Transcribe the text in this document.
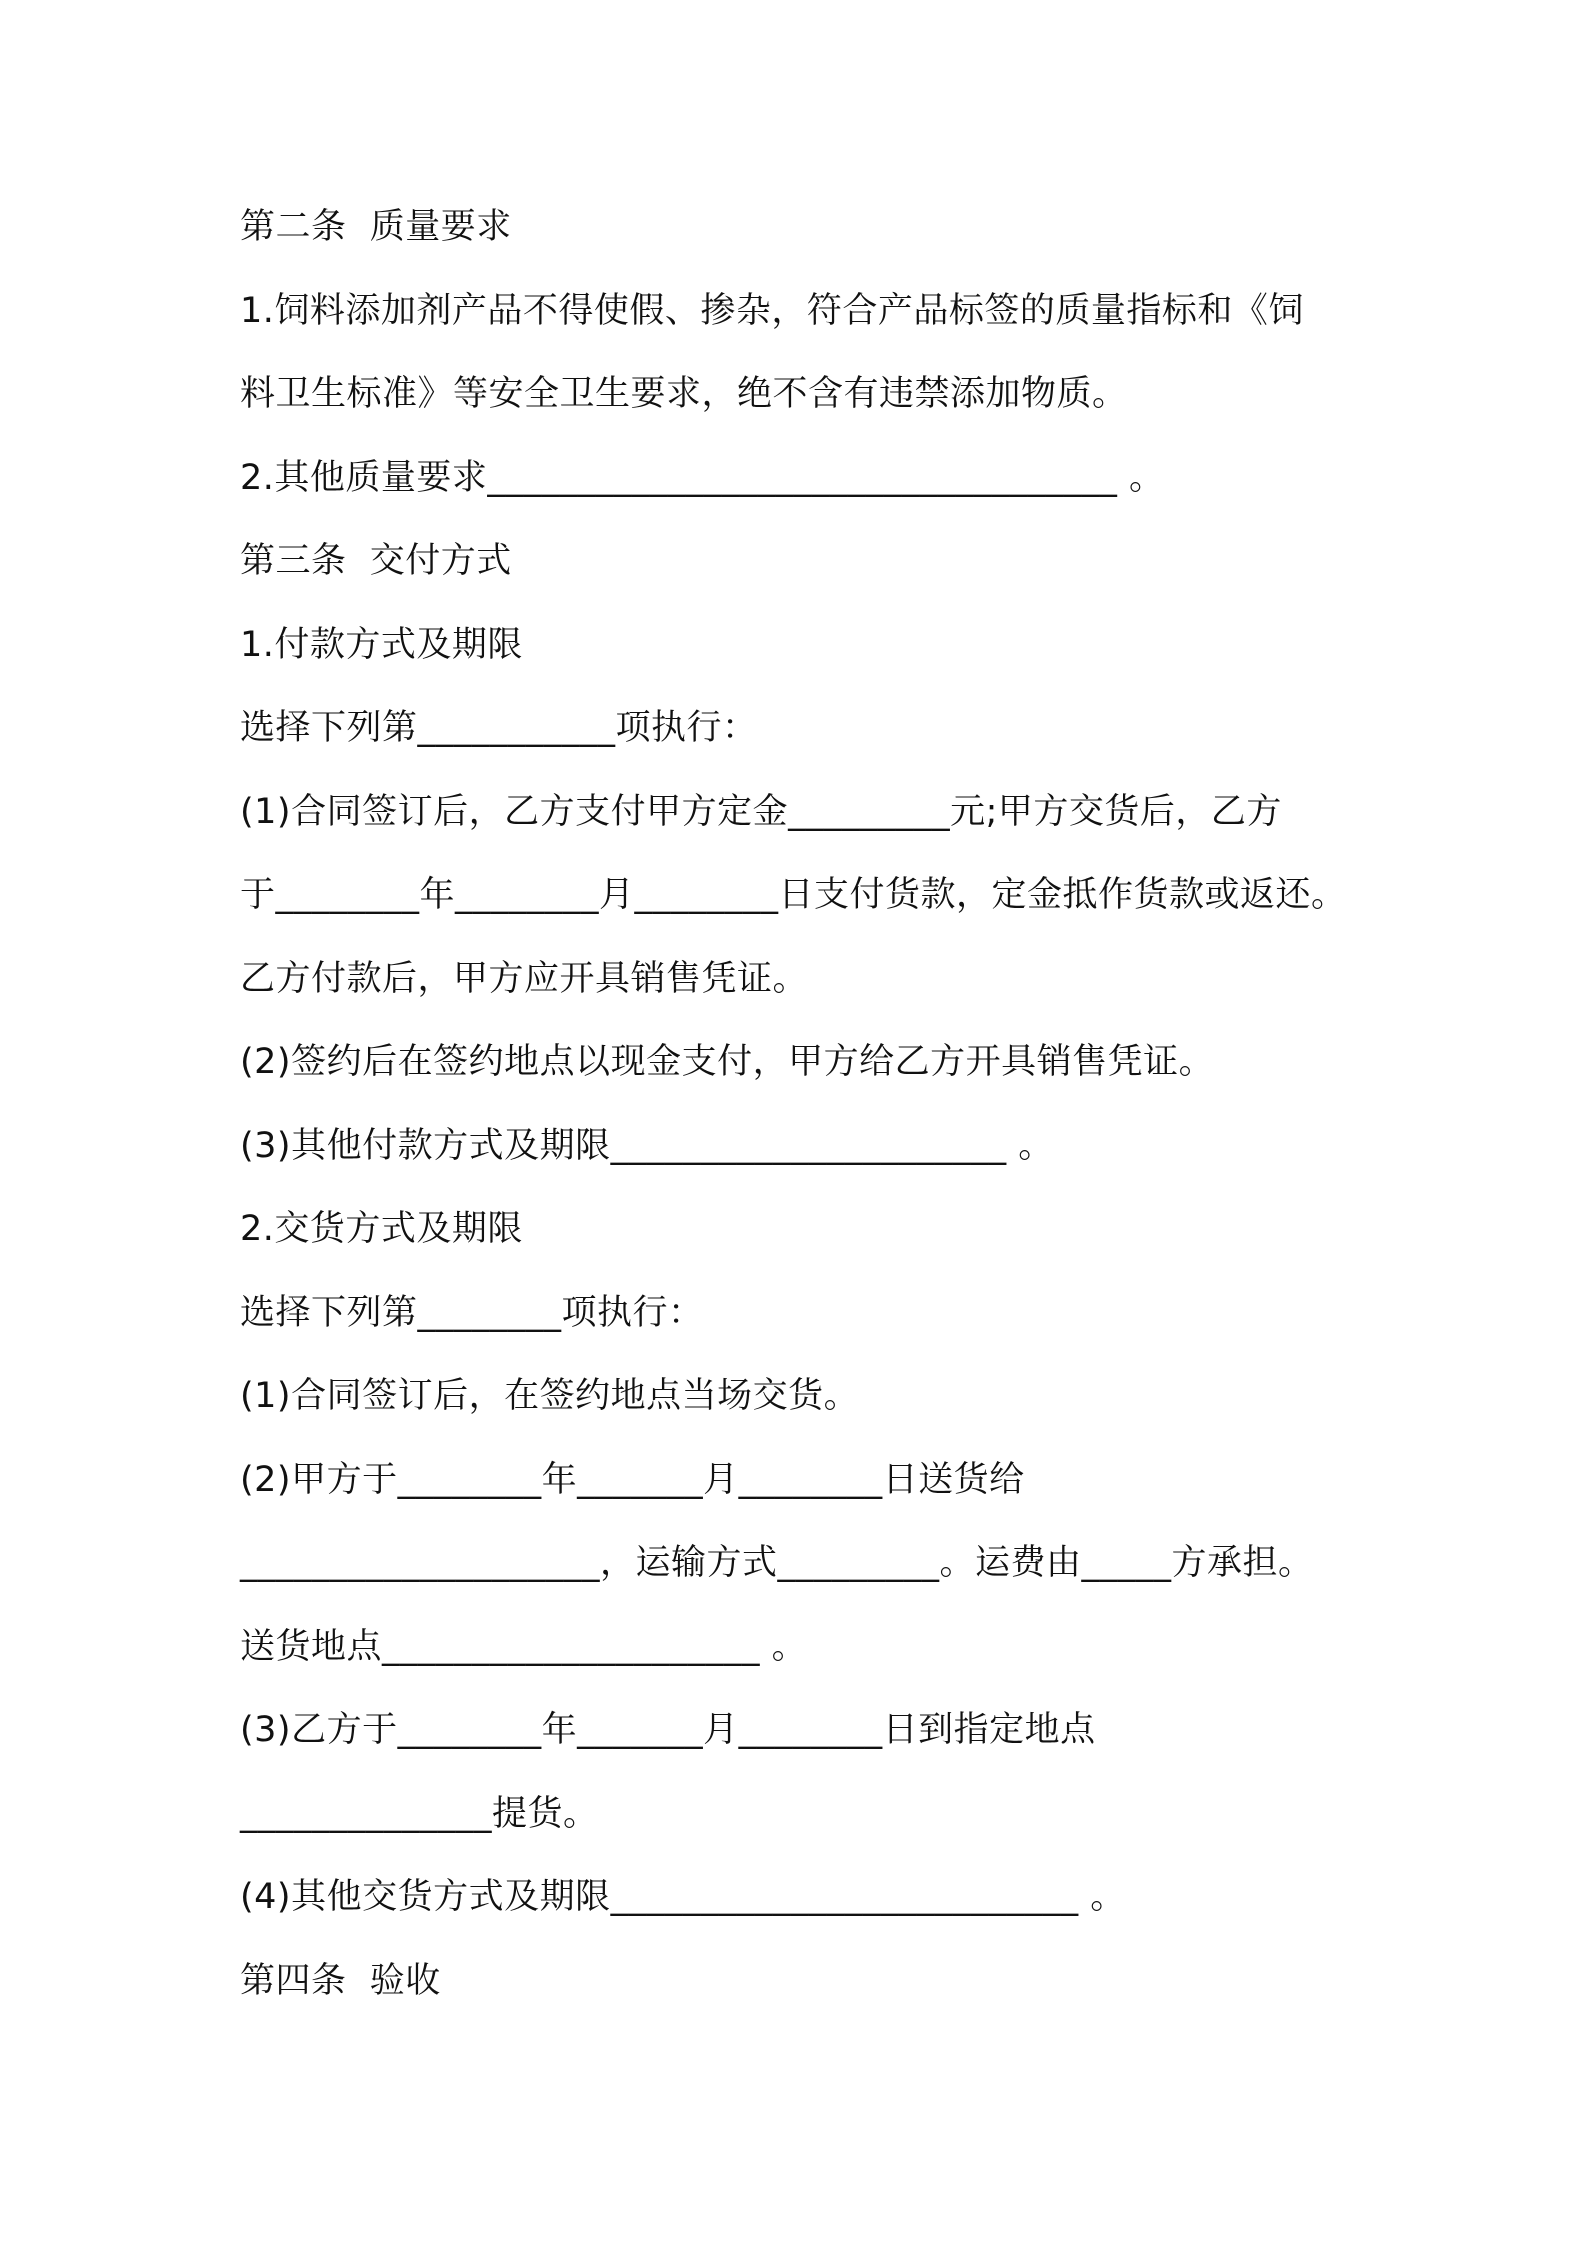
第二条  质量要求
1.饲料添加剂产品不得使假、掺杂，符合产品标签的质量指标和《饲
料卫生标准》等安全卫生要求，绝不含有违禁添加物质。
2.其他质量要求___________________________________ 。
第三条  交付方式
1.付款方式及期限
选择下列第___________项执行：
(1)合同签订后，乙方支付甲方定金_________元;甲方交货后，乙方
于________年________月________日支付货款，定金抵作货款或返还。
乙方付款后，甲方应开具销售凭证。
(2)签约后在签约地点以现金支付，甲方给乙方开具销售凭证。
(3)其他付款方式及期限______________________ 。
2.交货方式及期限
选择下列第________项执行：
(1)合同签订后，在签约地点当场交货。
(2)甲方于________年_______月________日送货给
____________________，运输方式_________。运费由_____方承担。
送货地点_____________________ 。
(3)乙方于________年_______月________日到指定地点
______________提货。
(4)其他交货方式及期限__________________________ 。
第四条  验收
